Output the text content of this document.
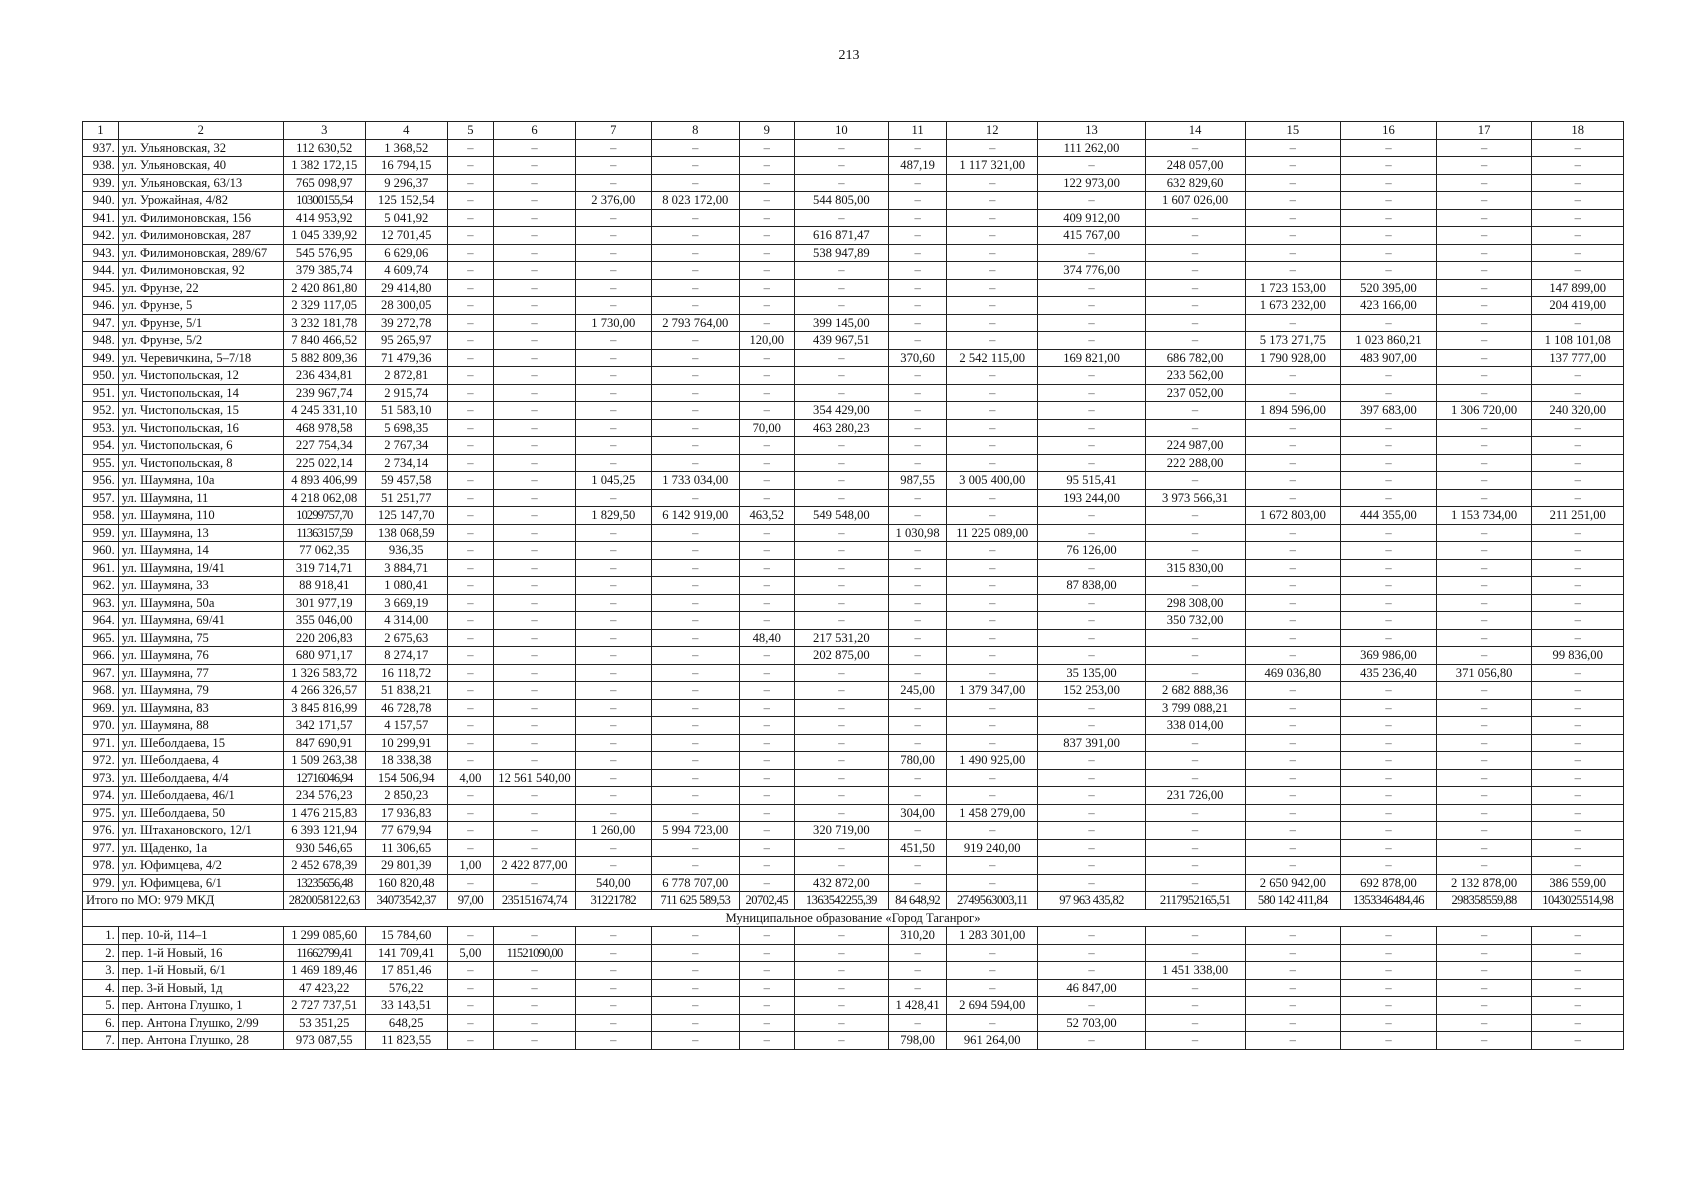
213
1	2	3	4	5	6	7	8	9	10	11	12	13	14	15	16	17	18
937.	ул. Ульяновская, 32	112 630,52	1 368,52	–	–	–	–	–	–	–	–	111 262,00	–	–	–	–	–
938.	ул. Ульяновская, 40	1 382 172,15	16 794,15	–	–	–	–	–	–	487,19	1 117 321,00	–	248 057,00	–	–	–	–
939.	ул. Ульяновская, 63/13	765 098,97	9 296,37	–	–	–	–	–	–	–	–	122 973,00	632 829,60	–	–	–	–
940.	ул. Урожайная, 4/82	10300155,54	125 152,54	–	–	2 376,00	8 023 172,00	–	544 805,00	–	–	–	1 607 026,00	–	–	–	–
941.	ул. Филимоновская, 156	414 953,92	5 041,92	–	–	–	–	–	–	–	–	409 912,00	–	–	–	–	–
942.	ул. Филимоновская, 287	1 045 339,92	12 701,45	–	–	–	–	–	616 871,47	–	–	415 767,00	–	–	–	–	–
943.	ул. Филимоновская, 289/67	545 576,95	6 629,06	–	–	–	–	–	538 947,89	–	–	–	–	–	–	–	–
944.	ул. Филимоновская, 92	379 385,74	4 609,74	–	–	–	–	–	–	–	–	374 776,00	–	–	–	–	–
945.	ул. Фрунзе, 22	2 420 861,80	29 414,80	–	–	–	–	–	–	–	–	–	–	1 723 153,00	520 395,00	–	147 899,00
946.	ул. Фрунзе, 5	2 329 117,05	28 300,05	–	–	–	–	–	–	–	–	–	–	1 673 232,00	423 166,00	–	204 419,00
947.	ул. Фрунзе, 5/1	3 232 181,78	39 272,78	–	–	1 730,00	2 793 764,00	–	399 145,00	–	–	–	–	–	–	–	–
948.	ул. Фрунзе, 5/2	7 840 466,52	95 265,97	–	–	–	–	120,00	439 967,51	–	–	–	–	5 173 271,75	1 023 860,21	–	1 108 101,08
949.	ул. Черевичкина, 5–7/18	5 882 809,36	71 479,36	–	–	–	–	–	–	370,60	2 542 115,00	169 821,00	686 782,00	1 790 928,00	483 907,00	–	137 777,00
950.	ул. Чистопольская, 12	236 434,81	2 872,81	–	–	–	–	–	–	–	–	–	233 562,00	–	–	–	–
951.	ул. Чистопольская, 14	239 967,74	2 915,74	–	–	–	–	–	–	–	–	–	237 052,00	–	–	–	–
952.	ул. Чистопольская, 15	4 245 331,10	51 583,10	–	–	–	–	–	354 429,00	–	–	–	–	1 894 596,00	397 683,00	1 306 720,00	240 320,00
953.	ул. Чистопольская, 16	468 978,58	5 698,35	–	–	–	–	70,00	463 280,23	–	–	–	–	–	–	–	–
954.	ул. Чистопольская, 6	227 754,34	2 767,34	–	–	–	–	–	–	–	–	–	224 987,00	–	–	–	–
955.	ул. Чистопольская, 8	225 022,14	2 734,14	–	–	–	–	–	–	–	–	–	222 288,00	–	–	–	–
956.	ул. Шаумяна, 10а	4 893 406,99	59 457,58	–	–	1 045,25	1 733 034,00	–	–	987,55	3 005 400,00	95 515,41	–	–	–	–	–
957.	ул. Шаумяна, 11	4 218 062,08	51 251,77	–	–	–	–	–	–	–	–	193 244,00	3 973 566,31	–	–	–	–
958.	ул. Шаумяна, 110	10299757,70	125 147,70	–	–	1 829,50	6 142 919,00	463,52	549 548,00	–	–	–	–	1 672 803,00	444 355,00	1 153 734,00	211 251,00
959.	ул. Шаумяна, 13	11363157,59	138 068,59	–	–	–	–	–	–	1 030,98	11 225 089,00	–	–	–	–	–	–
960.	ул. Шаумяна, 14	77 062,35	936,35	–	–	–	–	–	–	–	–	76 126,00	–	–	–	–	–
961.	ул. Шаумяна, 19/41	319 714,71	3 884,71	–	–	–	–	–	–	–	–	–	315 830,00	–	–	–	–
962.	ул. Шаумяна, 33	88 918,41	1 080,41	–	–	–	–	–	–	–	–	87 838,00	–	–	–	–	–
963.	ул. Шаумяна, 50а	301 977,19	3 669,19	–	–	–	–	–	–	–	–	–	298 308,00	–	–	–	–
964.	ул. Шаумяна, 69/41	355 046,00	4 314,00	–	–	–	–	–	–	–	–	–	350 732,00	–	–	–	–
965.	ул. Шаумяна, 75	220 206,83	2 675,63	–	–	–	–	48,40	217 531,20	–	–	–	–	–	–	–	–
966.	ул. Шаумяна, 76	680 971,17	8 274,17	–	–	–	–	–	202 875,00	–	–	–	–	–	369 986,00	–	99 836,00
967.	ул. Шаумяна, 77	1 326 583,72	16 118,72	–	–	–	–	–	–	–	–	35 135,00	–	469 036,80	435 236,40	371 056,80	–
968.	ул. Шаумяна, 79	4 266 326,57	51 838,21	–	–	–	–	–	–	245,00	1 379 347,00	152 253,00	2 682 888,36	–	–	–	–
969.	ул. Шаумяна, 83	3 845 816,99	46 728,78	–	–	–	–	–	–	–	–	–	3 799 088,21	–	–	–	–
970.	ул. Шаумяна, 88	342 171,57	4 157,57	–	–	–	–	–	–	–	–	–	338 014,00	–	–	–	–
971.	ул. Шеболдаева, 15	847 690,91	10 299,91	–	–	–	–	–	–	–	–	837 391,00	–	–	–	–	–
972.	ул. Шеболдаева, 4	1 509 263,38	18 338,38	–	–	–	–	–	–	780,00	1 490 925,00	–	–	–	–	–	–
973.	ул. Шеболдаева, 4/4	12716046,94	154 506,94	4,00	12 561 540,00	–	–	–	–	–	–	–	–	–	–	–	–
974.	ул. Шеболдаева, 46/1	234 576,23	2 850,23	–	–	–	–	–	–	–	–	–	231 726,00	–	–	–	–
975.	ул. Шеболдаева, 50	1 476 215,83	17 936,83	–	–	–	–	–	–	304,00	1 458 279,00	–	–	–	–	–	–
976.	ул. Штахановского, 12/1	6 393 121,94	77 679,94	–	–	1 260,00	5 994 723,00	–	320 719,00	–	–	–	–	–	–	–	–
977.	ул. Щаденко, 1а	930 546,65	11 306,65	–	–	–	–	–	–	451,50	919 240,00	–	–	–	–	–	–
978.	ул. Юфимцева, 4/2	2 452 678,39	29 801,39	1,00	2 422 877,00	–	–	–	–	–	–	–	–	–	–	–	–
979.	ул. Юфимцева, 6/1	13235656,48	160 820,48	–	–	540,00	6 778 707,00	–	432 872,00	–	–	–	–	2 650 942,00	692 878,00	2 132 878,00	386 559,00
Итого по МО: 979 МКД		2820058122,63	34073542,37	97,00	235151674,74	31221782	711 625 589,53	20702,45	1363542255,39	84 648,92	2749563003,11	97 963 435,82	2117952165,51	580 142 411,84	1353346484,46	298358559,88	1043025514,98
Муниципальное образование «Город Таганрог»																	
1.	пер. 10-й, 114–1	1 299 085,60	15 784,60	–	–	–	–	–	–	310,20	1 283 301,00	–	–	–	–	–	–
2.	пер. 1-й Новый, 16	11662799,41	141 709,41	5,00	11521090,00	–	–	–	–	–	–	–	–	–	–	–	–
3.	пер. 1-й Новый, 6/1	1 469 189,46	17 851,46	–	–	–	–	–	–	–	–	–	1 451 338,00	–	–	–	–
4.	пер. 3-й Новый, 1д	47 423,22	576,22	–	–	–	–	–	–	–	–	46 847,00	–	–	–	–	–
5.	пер. Антона Глушко, 1	2 727 737,51	33 143,51	–	–	–	–	–	–	1 428,41	2 694 594,00	–	–	–	–	–	–
6.	пер. Антона Глушко, 2/99	53 351,25	648,25	–	–	–	–	–	–	–	–	52 703,00	–	–	–	–	–
7.	пер. Антона Глушко, 28	973 087,55	11 823,55	–	–	–	–	–	–	798,00	961 264,00	–	–	–	–	–	–
